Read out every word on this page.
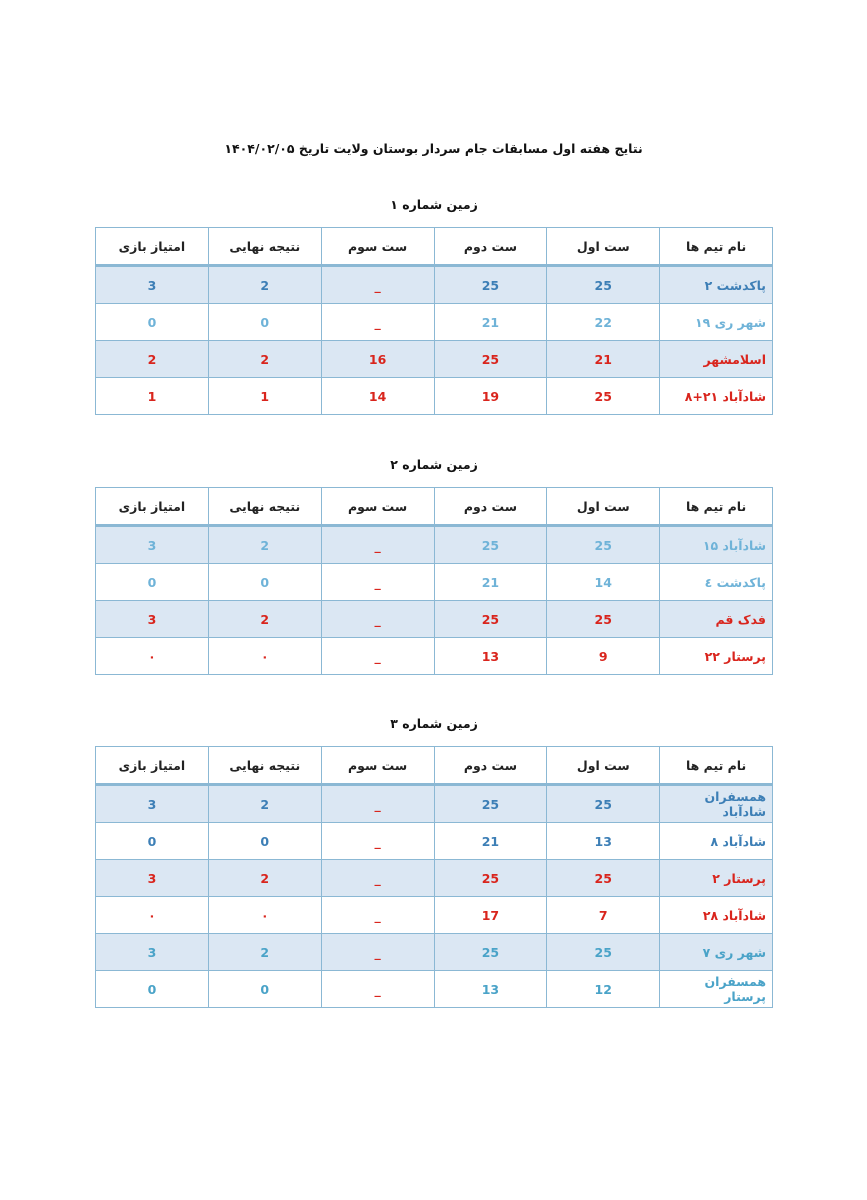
نتایج هفته اول مسابقات جام سردار بوستان ولایت تاریخ ۱۴۰۴/۰۲/۰۵
زمین شماره ۱
نام تیم ها	ست اول	ست دوم	ست سوم	نتیجه نهایی	امتیاز بازی
پاکدشت ۲	25	25	_	2	3
شهر ری ۱۹	22	21	_	0	0
اسلامشهر	21	25	16	2	2
شادآباد ۲۱+۸	25	19	14	1	1
زمین شماره ۲
نام تیم ها	ست اول	ست دوم	ست سوم	نتیجه نهایی	امتیاز بازی
شادآباد ۱۵	25	25	_	2	3
پاکدشت ٤	14	21	_	0	0
فدک قم	25	25	_	2	3
پرستار ۲۲	9	13	_	۰	۰
زمین شماره ۳
نام تیم ها	ست اول	ست دوم	ست سوم	نتیجه نهایی	امتیاز بازی
همسفران شادآباد	25	25	_	2	3
شادآباد ۸	13	21	_	0	0
پرستار ۲	25	25	_	2	3
شادآباد ۲۸	7	17	_	۰	۰
شهر ری ۷	25	25	_	2	3
همسفران پرستار	12	13	_	0	0
